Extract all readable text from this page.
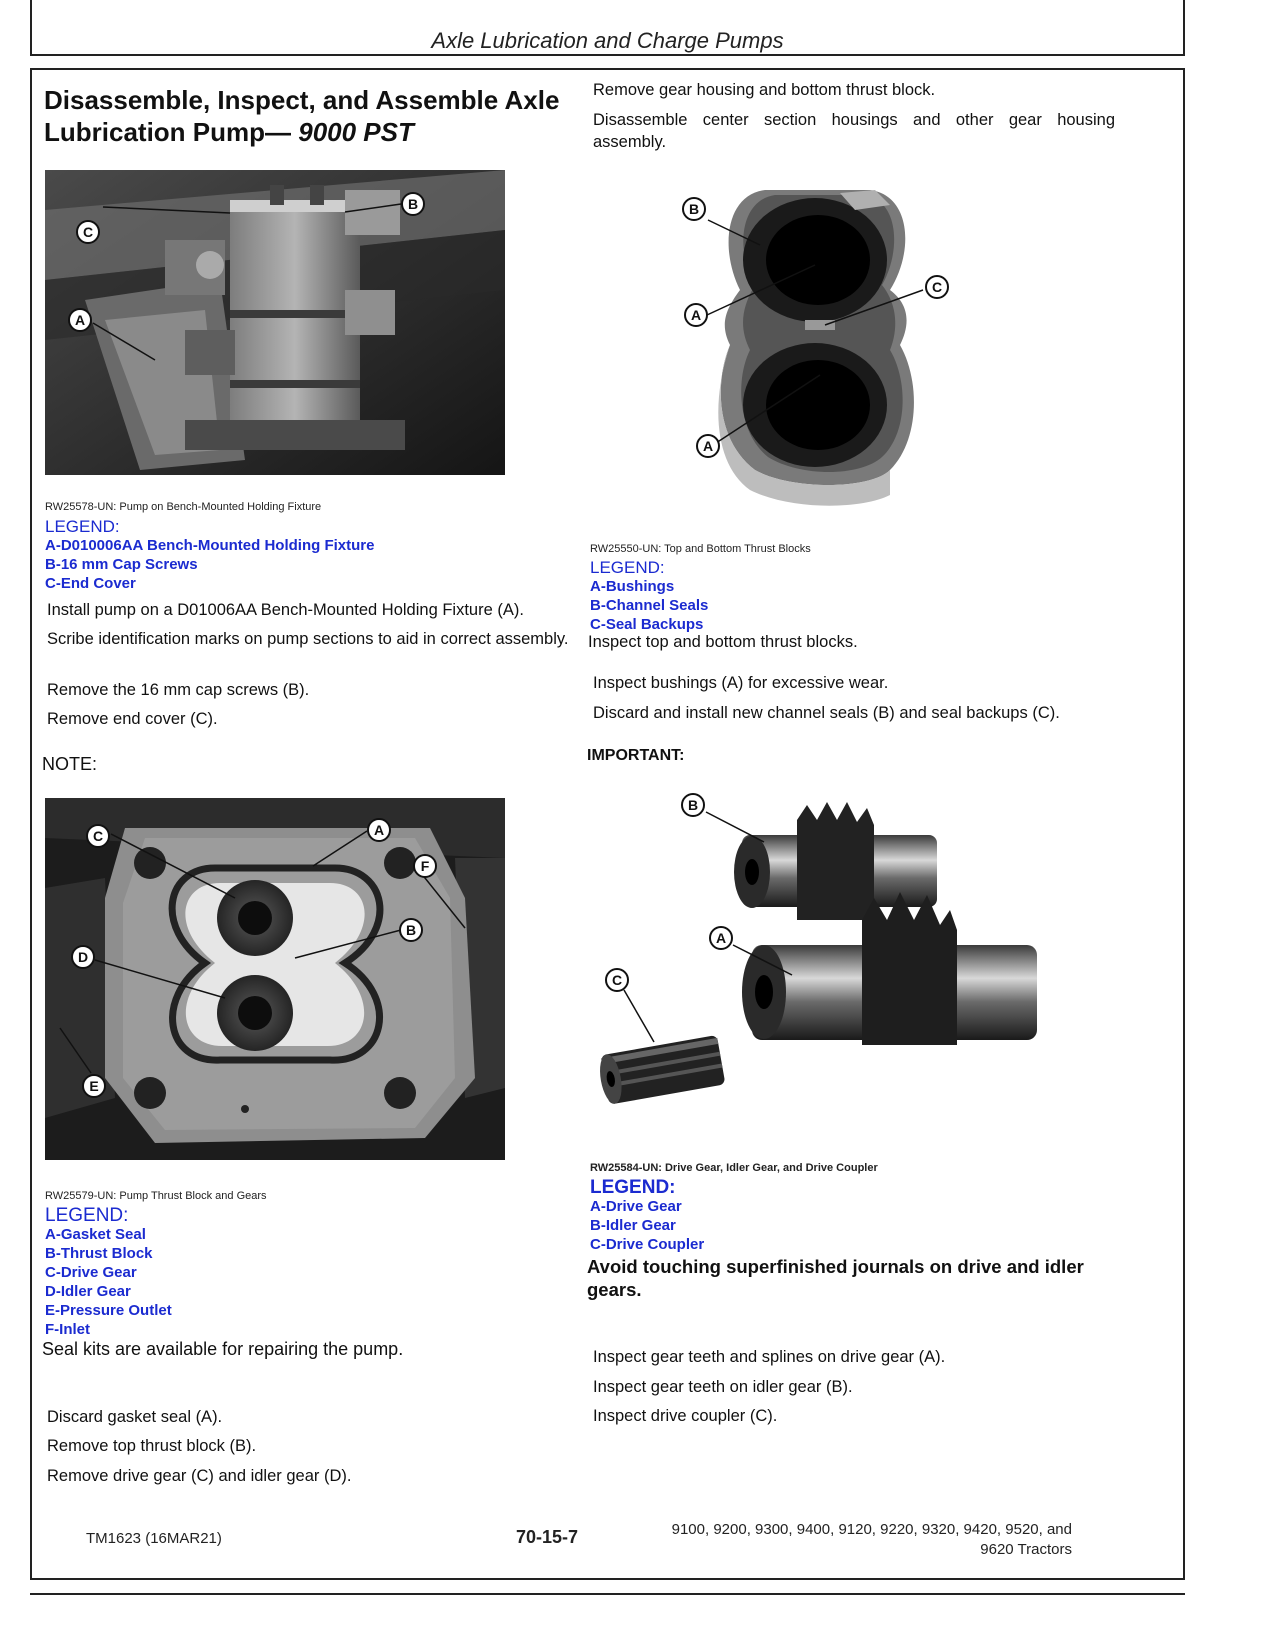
Axle Lubrication and Charge Pumps
Disassemble, Inspect, and Assemble Axle Lubrication Pump— 9000 PST
C
B
A
RW25578-UN: Pump on Bench-Mounted Holding Fixture
LEGEND:
A-D010006AA Bench-Mounted Holding Fixture
B-16 mm Cap Screws
C-End Cover
Install pump on a D01006AA Bench-Mounted Holding Fixture (A).
Scribe identification marks on pump sections to aid in correct assembly.
Remove the 16 mm cap screws (B).
Remove end cover (C).
NOTE:
C	A
F
B
D
E
RW25579-UN: Pump Thrust Block and Gears
LEGEND:
A-Gasket Seal
B-Thrust Block
C-Drive Gear
D-Idler Gear
E-Pressure Outlet
F-Inlet
Seal kits are available for repairing the pump.
Discard gasket seal (A).
Remove top thrust block (B).
Remove drive gear (C) and idler gear (D).
Remove gear housing and bottom thrust block.
Disassemble center section housings and other gear housing assembly.
B
C
A
A
RW25550-UN: Top and Bottom Thrust Blocks
LEGEND:
A-Bushings
B-Channel Seals
C-Seal Backups
Inspect top and bottom thrust blocks.
Inspect bushings (A) for excessive wear.
Discard and install new channel seals (B) and seal backups (C).
IMPORTANT:
B
A
C
RW25584-UN: Drive Gear, Idler Gear, and Drive Coupler
LEGEND:
A-Drive Gear
B-Idler Gear
C-Drive Coupler
Avoid touching superfinished journals on drive and idler gears.
Inspect gear teeth and splines on drive gear (A).
Inspect gear teeth on idler gear (B).
Inspect drive coupler (C).
TM1623 (16MAR21)	70-15-7	9100, 9200, 9300, 9400, 9120, 9220, 9320, 9420, 9520, and
9620 Tractors
